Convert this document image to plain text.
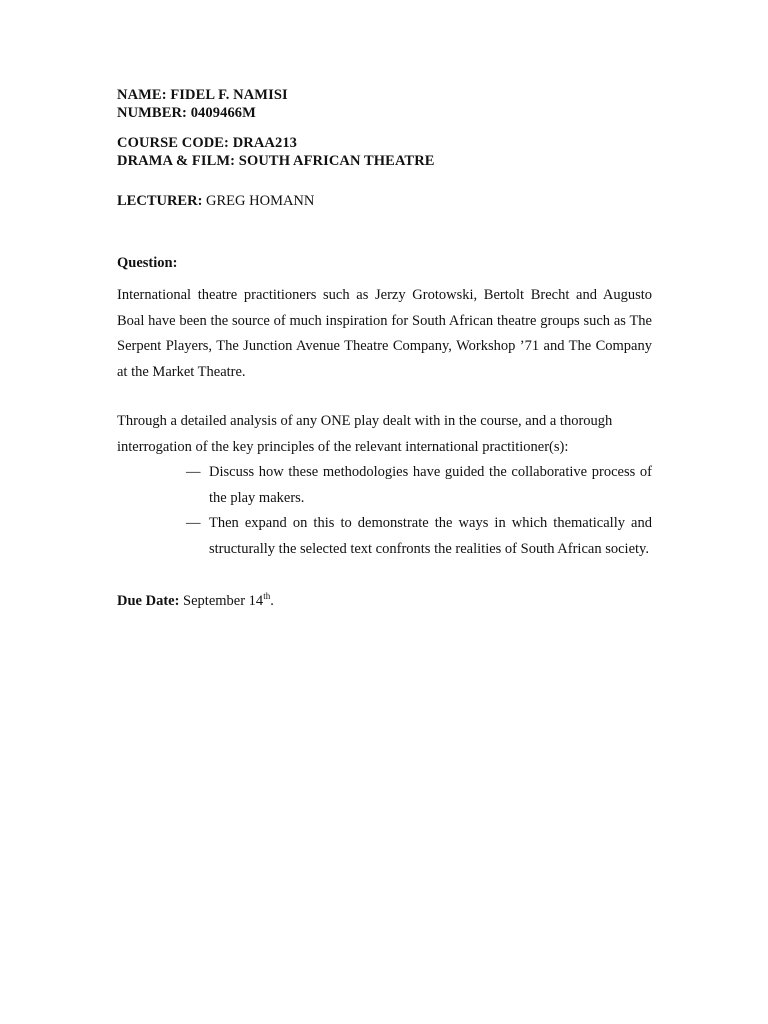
NAME: FIDEL F. NAMISI
NUMBER: 0409466M
COURSE CODE: DRAA213
DRAMA & FILM: SOUTH AFRICAN THEATRE
LECTURER: GREG HOMANN
Question:
International theatre practitioners such as Jerzy Grotowski, Bertolt Brecht and Augusto Boal have been the source of much inspiration for South African theatre groups such as The Serpent Players, The Junction Avenue Theatre Company, Workshop ’71 and The Company at the Market Theatre.
Through a detailed analysis of any ONE play dealt with in the course, and a thorough interrogation of the key principles of the relevant international practitioner(s):
— Discuss how these methodologies have guided the collaborative process of the play makers.
— Then expand on this to demonstrate the ways in which thematically and structurally the selected text confronts the realities of South African society.
Due Date: September 14th.
